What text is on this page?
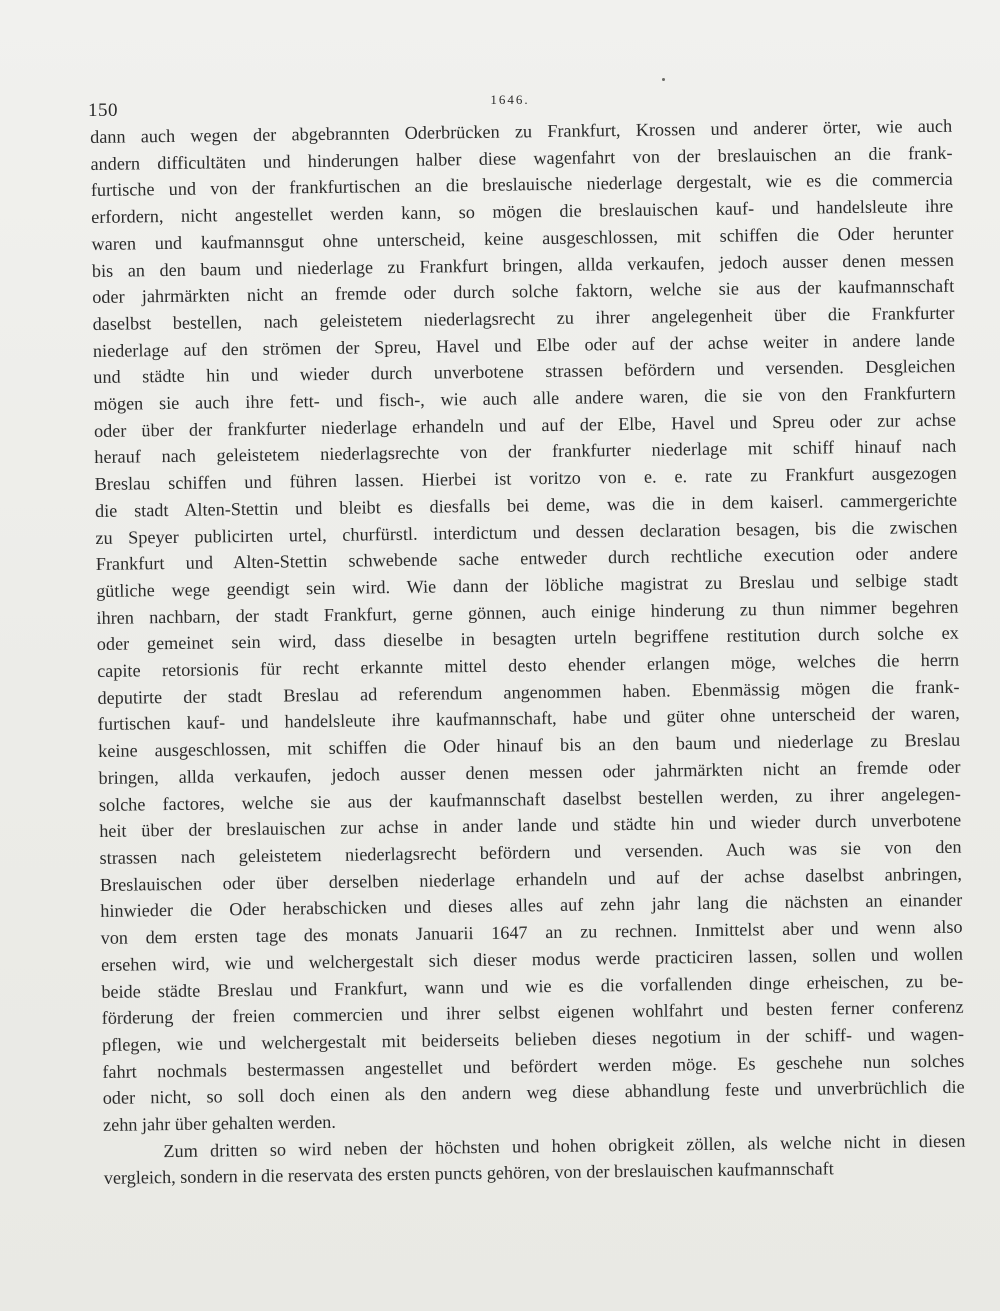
150
1646.
dann auch wegen der abgebrannten Oderbrücken zu Frankfurt, Krossen und anderer örter, wie auch
andern difficultäten und hinderungen halber diese wagenfahrt von der breslauischen an die frank-
furtische und von der frankfurtischen an die breslauische niederlage dergestalt, wie es die commercia
erfordern, nicht angestellet werden kann, so mögen die breslauischen kauf- und handelsleute ihre
waren und kaufmannsgut ohne unterscheid, keine ausgeschlossen, mit schiffen die Oder herunter
bis an den baum und niederlage zu Frankfurt bringen, allda verkaufen, jedoch ausser denen messen
oder jahrmärkten nicht an fremde oder durch solche faktorn, welche sie aus der kaufmannschaft
daselbst bestellen, nach geleistetem niederlagsrecht zu ihrer angelegenheit über die Frankfurter
niederlage auf den strömen der Spreu, Havel und Elbe oder auf der achse weiter in andere lande
und städte hin und wieder durch unverbotene strassen befördern und versenden. Desgleichen
mögen sie auch ihre fett- und fisch-, wie auch alle andere waren, die sie von den Frankfurtern
oder über der frankfurter niederlage erhandeln und auf der Elbe, Havel und Spreu oder zur achse
herauf nach geleistetem niederlagsrechte von der frankfurter niederlage mit schiff hinauf nach
Breslau schiffen und führen lassen. Hierbei ist voritzo von e. e. rate zu Frankfurt ausgezogen
die stadt Alten-Stettin und bleibt es diesfalls bei deme, was die in dem kaiserl. cammergerichte
zu Speyer publicirten urtel, churfürstl. interdictum und dessen declaration besagen, bis die zwischen
Frankfurt und Alten-Stettin schwebende sache entweder durch rechtliche execution oder andere
gütliche wege geendigt sein wird. Wie dann der löbliche magistrat zu Breslau und selbige stadt
ihren nachbarn, der stadt Frankfurt, gerne gönnen, auch einige hinderung zu thun nimmer begehren
oder gemeinet sein wird, dass dieselbe in besagten urteln begriffene restitution durch solche ex
capite retorsionis für recht erkannte mittel desto ehender erlangen möge, welches die herrn
deputirte der stadt Breslau ad referendum angenommen haben. Ebenmässig mögen die frank-
furtischen kauf- und handelsleute ihre kaufmannschaft, habe und güter ohne unterscheid der waren,
keine ausgeschlossen, mit schiffen die Oder hinauf bis an den baum und niederlage zu Breslau
bringen, allda verkaufen, jedoch ausser denen messen oder jahrmärkten nicht an fremde oder
solche factores, welche sie aus der kaufmannschaft daselbst bestellen werden, zu ihrer angelegen-
heit über der breslauischen zur achse in ander lande und städte hin und wieder durch unverbotene
strassen nach geleistetem niederlagsrecht befördern und versenden. Auch was sie von den
Breslauischen oder über derselben niederlage erhandeln und auf der achse daselbst anbringen,
hinwieder die Oder herabschicken und dieses alles auf zehn jahr lang die nächsten an einander
von dem ersten tage des monats Januarii 1647 an zu rechnen. Inmittelst aber und wenn also
ersehen wird, wie und welchergestalt sich dieser modus werde practiciren lassen, sollen und wollen
beide städte Breslau und Frankfurt, wann und wie es die vorfallenden dinge erheischen, zu be-
förderung der freien commercien und ihrer selbst eigenen wohlfahrt und besten ferner conferenz
pflegen, wie und welchergestalt mit beiderseits belieben dieses negotium in der schiff- und wagen-
fahrt nochmals bestermassen angestellet und befördert werden möge. Es geschehe nun solches
oder nicht, so soll doch einen als den andern weg diese abhandlung feste und unverbrüchlich die
zehn jahr über gehalten werden.
Zum dritten so wird neben der höchsten und hohen obrigkeit zöllen, als welche nicht in diesen
vergleich, sondern in die reservata des ersten puncts gehören, von der breslauischen kaufmannschaft
